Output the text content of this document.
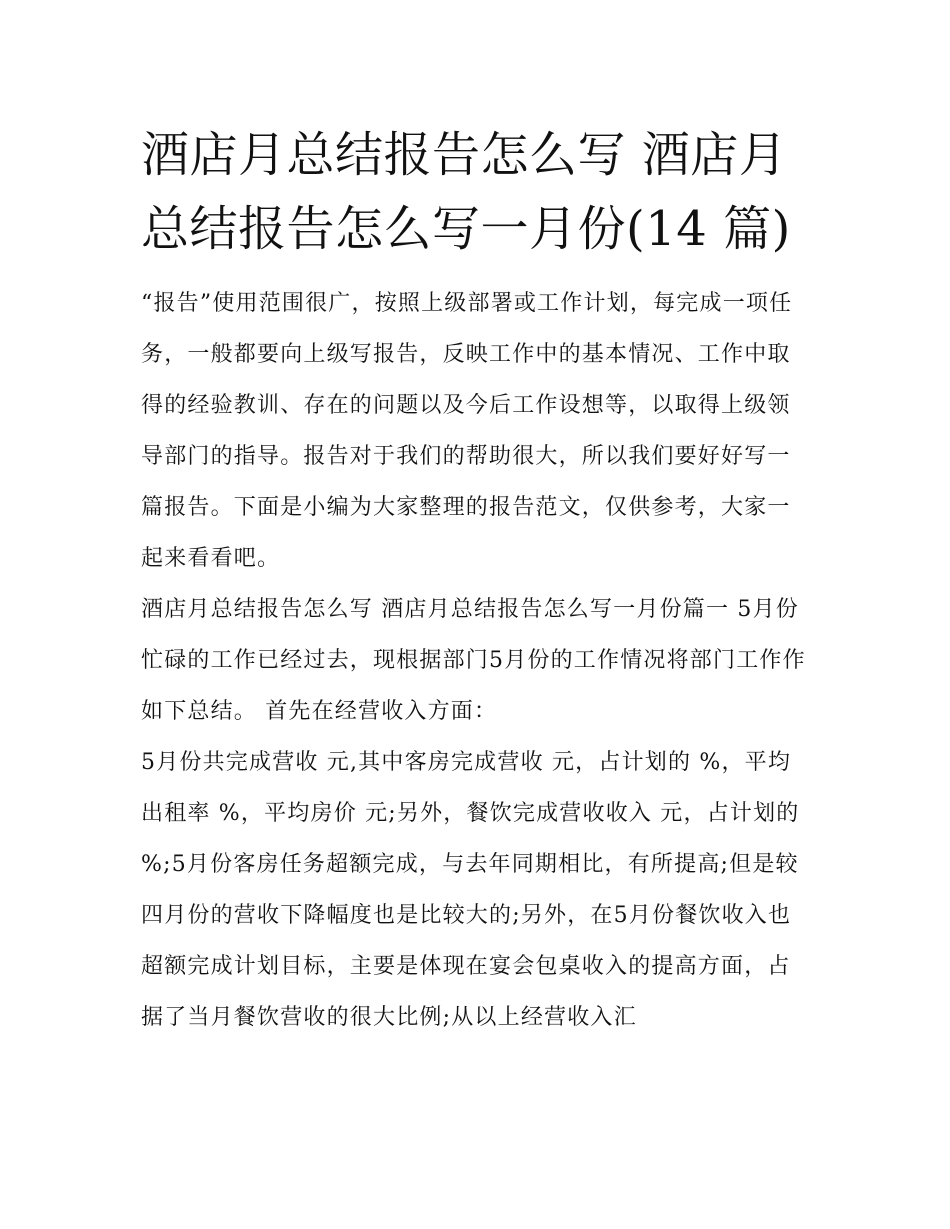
酒店月总结报告怎么写 酒店月总结报告怎么写一月份(14 篇)

“报告”使用范围很广，按照上级部署或工作计划，每完成一项任务，一般都要向上级写报告，反映工作中的基本情况、工作中取得的经验教训、存在的问题以及今后工作设想等，以取得上级领导部门的指导。报告对于我们的帮助很大，所以我们要好好写一篇报告。下面是小编为大家整理的报告范文，仅供参考，大家一起来看看吧。

酒店月总结报告怎么写 酒店月总结报告怎么写一月份篇一 5月份忙碌的工作已经过去，现根据部门5月份的工作情况将部门工作作如下总结。 首先在经营收入方面：

5月份共完成营收 元,其中客房完成营收 元，占计划的 %，平均出租率 %，平均房价 元;另外，餐饮完成营收收入 元，占计划的

%;5月份客房任务超额完成，与去年同期相比，有所提高;但是较四月份的营收下降幅度也是比较大的;另外，在5月份餐饮收入也超额完成计划目标，主要是体现在宴会包桌收入的提高方面，占据了当月餐饮营收的很大比例;从以上经营收入汇
